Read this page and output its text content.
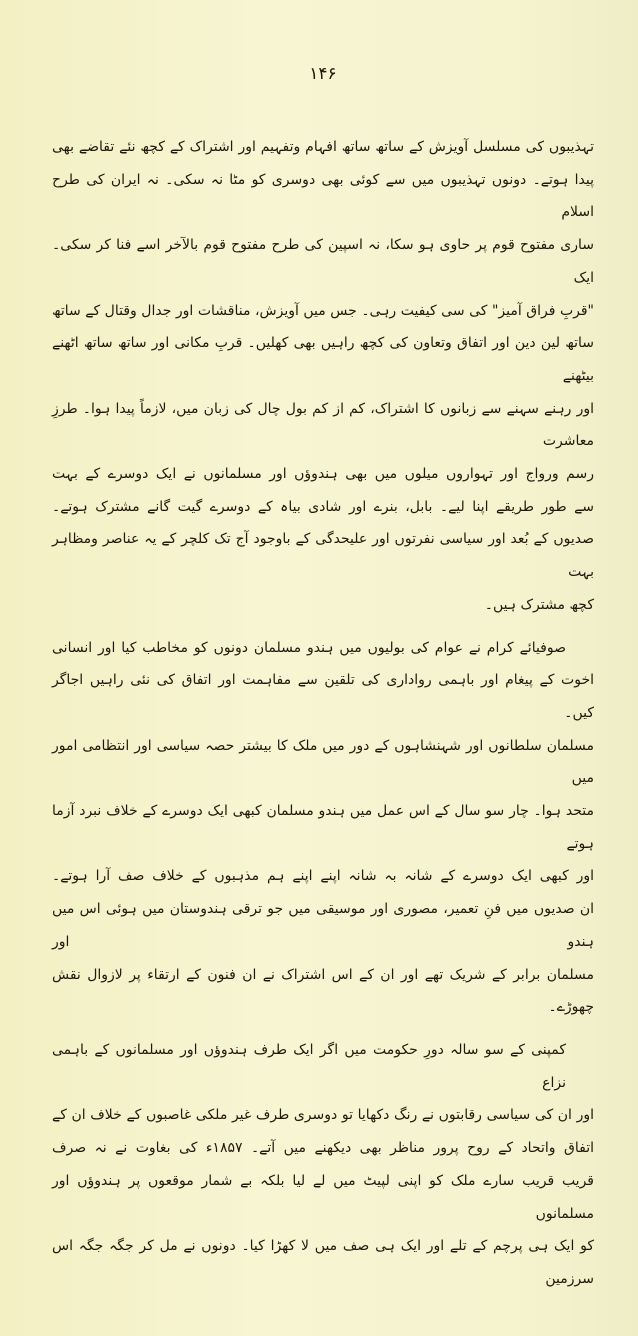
۱۴۶
تہذیبوں کی مسلسل آویزش کے ساتھ ساتھ افہام وتفہیم اور اشتراک کے کچھ نئے تقاضے بھی
پیدا ہوتے۔ دونوں تہذیبوں میں سے کوئی بھی دوسری کو مٹا نہ سکی۔ نہ ایران کی طرح اسلام
ساری مفتوح قوم پر حاوی ہو سکا، نہ اسپین کی طرح مفتوح قوم بالآخر اسے فنا کر سکی۔ ایک
"قربِ فراق آمیز" کی سی کیفیت رہی۔ جس میں آویزش، مناقشات اور جدال وقتال کے ساتھ
ساتھ لین دین اور اتفاق وتعاون کی کچھ راہیں بھی کھلیں۔ قربِ مکانی اور ساتھ ساتھ اٹھنے بیٹھنے
اور رہنے سہنے سے زبانوں کا اشتراک، کم از کم بول چال کی زبان میں، لازماً پیدا ہوا۔ طرزِ معاشرت
رسم ورواج اور تہواروں میلوں میں بھی ہندوؤں اور مسلمانوں نے ایک دوسرے کے بہت
سے طور طریقے اپنا لیے۔ بابل، بنرے اور شادی بیاہ کے دوسرے گیت گانے مشترک ہوتے۔
صدیوں کے بُعد اور سیاسی نفرتوں اور علیحدگی کے باوجود آج تک کلچر کے یہ عناصر ومظاہر بہت
کچھ مشترک ہیں۔
صوفیائے کرام نے عوام کی بولیوں میں ہندو مسلمان دونوں کو مخاطب کیا اور انسانی
اخوت کے پیغام اور باہمی رواداری کی تلقین سے مفاہمت اور اتفاق کی نئی راہیں اجاگر کیں۔
مسلمان سلطانوں اور شہنشاہوں کے دور میں ملک کا بیشتر حصہ سیاسی اور انتظامی امور میں
متحد ہوا۔ چار سو سال کے اس عمل میں ہندو مسلمان کبھی ایک دوسرے کے خلاف نبرد آزما ہوتے
اور کبھی ایک دوسرے کے شانہ بہ شانہ اپنے اپنے ہم مذہبوں کے خلاف صف آرا ہوتے۔
ان صدیوں میں فنِ تعمیر، مصوری اور موسیقی میں جو ترقی ہندوستان میں ہوئی اس میں ہندو اور
مسلمان برابر کے شریک تھے اور ان کے اس اشتراک نے ان فنون کے ارتقاء پر لازوال نقش
چھوڑے۔
کمپنی کے سو سالہ دورِ حکومت میں اگر ایک طرف ہندوؤں اور مسلمانوں کے باہمی نزاع
اور ان کی سیاسی رقابتوں نے رنگ دکھایا تو دوسری طرف غیر ملکی غاصبوں کے خلاف ان کے
اتفاق واتحاد کے روح پرور مناظر بھی دیکھنے میں آتے۔ ۱۸۵۷ء کی بغاوت نے نہ صرف
قریب قریب سارے ملک کو اپنی لپیٹ میں لے لیا بلکہ بے شمار موقعوں پر ہندوؤں اور مسلمانوں
کو ایک ہی پرچم کے تلے اور ایک ہی صف میں لا کھڑا کیا۔ دونوں نے مل کر جگہ جگہ اس سرزمین
